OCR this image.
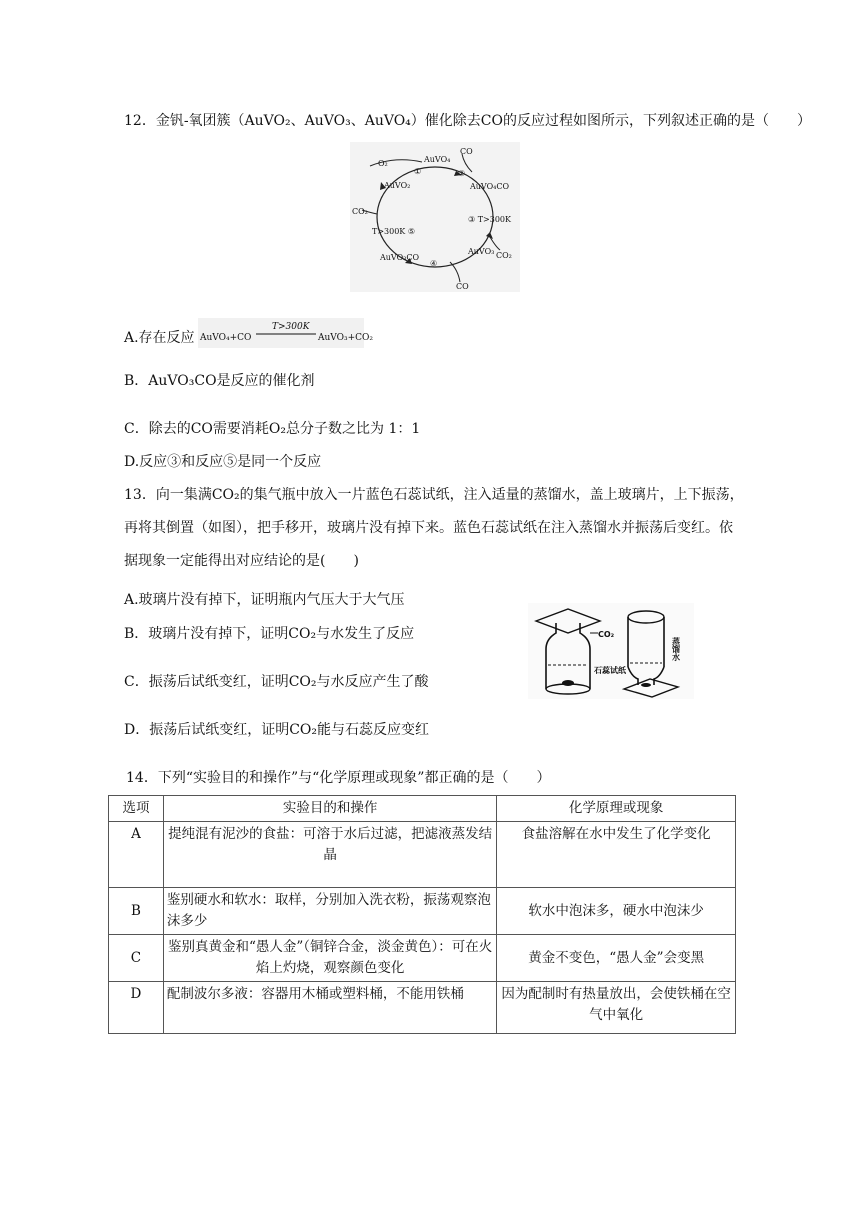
12．金钒-氧团簇（AuVO₂、AuVO₃、AuVO₄）催化除去CO的反应过程如图所示，下列叙述正确的是（　　）
O₂	AuVO₄
CO
①	②
AuVO₂	AuVO₄CO
CO₂
③ T>300K
T>300K ⑤
CO₂
AuVO₃CO
④
AuVO₃
CO
A.存在反应 AuVO₄+CO
T>300K
AuVO₃+CO₂
B．AuVO₃CO是反应的催化剂
C．除去的CO需要消耗O₂总分子数之比为 1：1
D.反应③和反应⑤是同一个反应
13．向一集满CO₂的集气瓶中放入一片蓝色石蕊试纸，注入适量的蒸馏水，盖上玻璃片，上下振荡，
再将其倒置（如图），把手移开，玻璃片没有掉下来。蓝色石蕊试纸在注入蒸馏水并振荡后变红。依
据现象一定能得出对应结论的是(　　)
A.玻璃片没有掉下，证明瓶内气压大于大气压
B．玻璃片没有掉下，证明CO₂与水发生了反应
C．振荡后试纸变红，证明CO₂与水反应产生了酸
D．振荡后试纸变红，证明CO₂能与石蕊反应变红
CO₂
石蕊试纸
蒸馏水
14．下列“实验目的和操作”与“化学原理或现象”都正确的是（　　）
选项	实验目的和操作	化学原理或现象
A	提纯混有泥沙的食盐：可溶于水后过滤，把滤液蒸发结晶	食盐溶解在水中发生了化学变化
B	鉴别硬水和软水：取样，分别加入洗衣粉，振荡观察泡沫多少	软水中泡沫多，硬水中泡沫少
C	鉴别真黄金和“愚人金”（铜锌合金，淡金黄色）：可在火焰上灼烧，观察颜色变化	黄金不变色，“愚人金”会变黑
D	配制波尔多液：容器用木桶或塑料桶，不能用铁桶	因为配制时有热量放出，会使铁桶在空气中氧化
